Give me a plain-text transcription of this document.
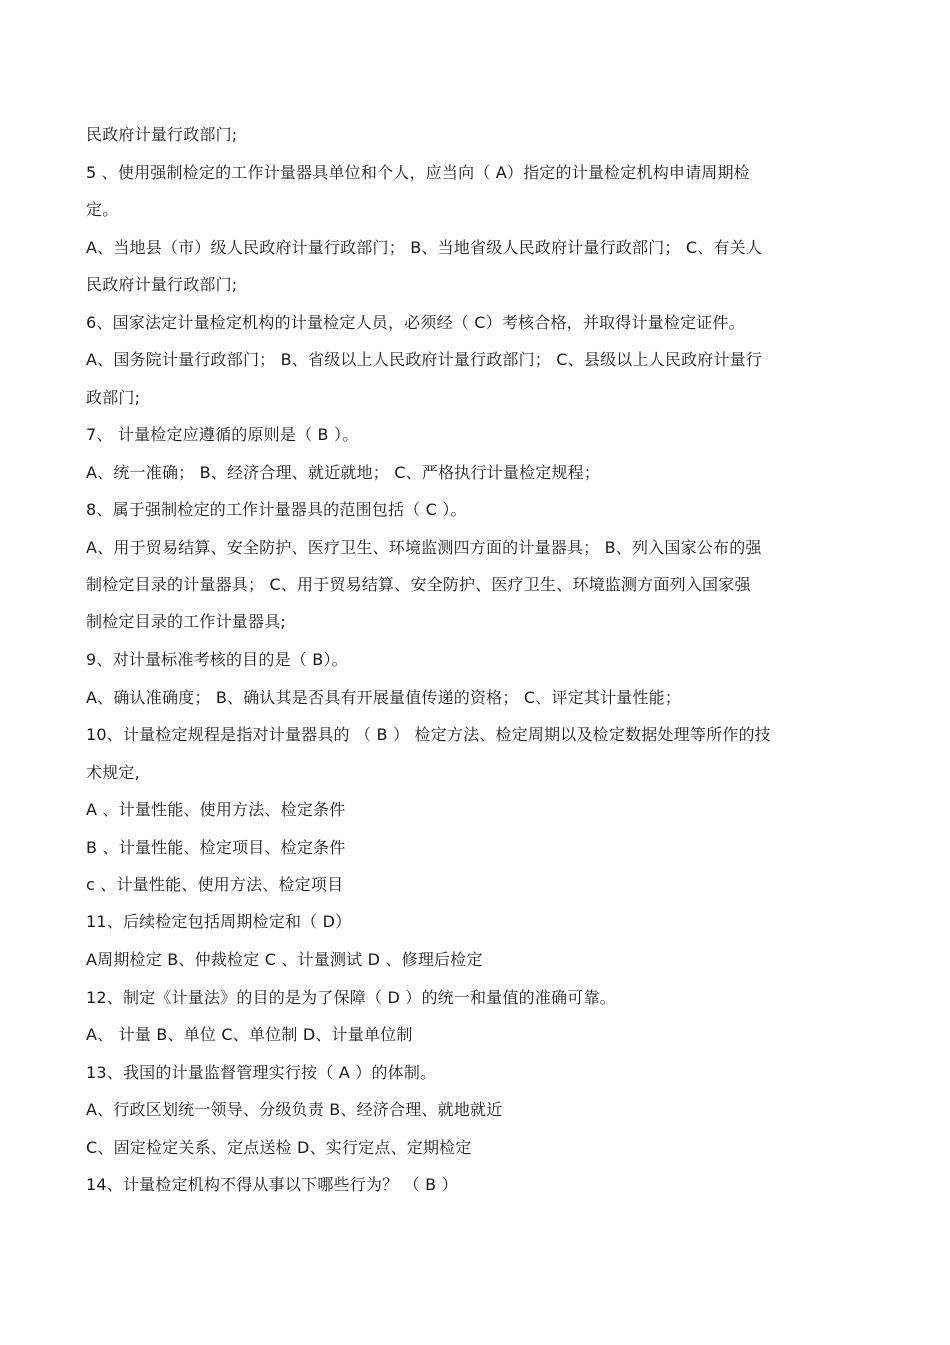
民政府计量行政部门;
5 、使用强制检定的工作计量器具单位和个人，应当向（ A）指定的计量检定机构申请周期检
定。
A、当地县（市）级人民政府计量行政部门； B、当地省级人民政府计量行政部门； C、有关人
民政府计量行政部门;
6、国家法定计量检定机构的计量检定人员，必须经（ C）考核合格，并取得计量检定证件。
A、国务院计量行政部门； B、省级以上人民政府计量行政部门； C、县级以上人民政府计量行
政部门;
7、 计量检定应遵循的原则是（ B ）。
A、统一准确； B、经济合理、就近就地； C、严格执行计量检定规程；
8、属于强制检定的工作计量器具的范围包括（ C ）。
A、用于贸易结算、安全防护、医疗卫生、环境监测四方面的计量器具； B、列入国家公布的强
制检定目录的计量器具； C、用于贸易结算、安全防护、医疗卫生、环境监测方面列入国家强
制检定目录的工作计量器具;
9、对计量标准考核的目的是（ B）。
A、确认准确度； B、确认其是否具有开展量值传递的资格； C、评定其计量性能；
10、计量检定规程是指对计量器具的 （ B ） 检定方法、检定周期以及检定数据处理等所作的技
术规定,
A 、计量性能、使用方法、检定条件
B 、计量性能、检定项目、检定条件
c 、计量性能、使用方法、检定项目
11、后续检定包括周期检定和（ D）
A周期检定 B、仲裁检定 C 、计量测试 D 、修理后检定
12、制定《计量法》的目的是为了保障（ D ）的统一和量值的准确可靠。
A、 计量 B、单位 C、单位制 D、计量单位制
13、我国的计量监督管理实行按（ A ）的体制。
A、行政区划统一领导、分级负责 B、经济合理、就地就近
C、固定检定关系、定点送检 D、实行定点、定期检定
14、计量检定机构不得从事以下哪些行为？ （ B ）
